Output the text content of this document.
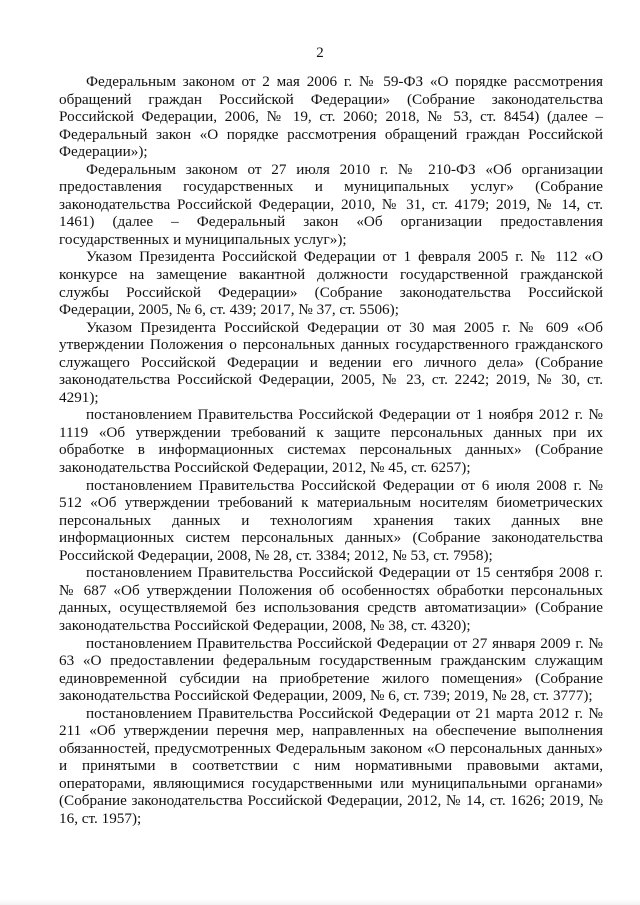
2

Федеральным законом от 2 мая 2006 г. № 59-ФЗ «О порядке рассмотрения обращений граждан Российской Федерации» (Собрание законодательства Российской Федерации, 2006, № 19, ст. 2060; 2018, № 53, ст. 8454) (далее – Федеральный закон «О порядке рассмотрения обращений граждан Российской Федерации»);

Федеральным законом от 27 июля 2010 г. № 210-ФЗ «Об организации предоставления государственных и муниципальных услуг» (Собрание законодательства Российской Федерации, 2010, № 31, ст. 4179; 2019, № 14, ст. 1461) (далее – Федеральный закон «Об организации предоставления государственных и муниципальных услуг»);

Указом Президента Российской Федерации от 1 февраля 2005 г. № 112 «О конкурсе на замещение вакантной должности государственной гражданской службы Российской Федерации» (Собрание законодательства Российской Федерации, 2005, № 6, ст. 439; 2017, № 37, ст. 5506);

Указом Президента Российской Федерации от 30 мая 2005 г. № 609 «Об утверждении Положения о персональных данных государственного гражданского служащего Российской Федерации и ведении его личного дела» (Собрание законодательства Российской Федерации, 2005, № 23, ст. 2242; 2019, № 30, ст. 4291);

постановлением Правительства Российской Федерации от 1 ноября 2012 г. № 1119 «Об утверждении требований к защите персональных данных при их обработке в информационных системах персональных данных» (Собрание законодательства Российской Федерации, 2012, № 45, ст. 6257);

постановлением Правительства Российской Федерации от 6 июля 2008 г. № 512 «Об утверждении требований к материальным носителям биометрических персональных данных и технологиям хранения таких данных вне информационных систем персональных данных» (Собрание законодательства Российской Федерации, 2008, № 28, ст. 3384; 2012, № 53, ст. 7958);

постановлением Правительства Российской Федерации от 15 сентября 2008 г. № 687 «Об утверждении Положения об особенностях обработки персональных данных, осуществляемой без использования средств автоматизации» (Собрание законодательства Российской Федерации, 2008, № 38, ст. 4320);

постановлением Правительства Российской Федерации от 27 января 2009 г. № 63 «О предоставлении федеральным государственным гражданским служащим единовременной субсидии на приобретение жилого помещения» (Собрание законодательства Российской Федерации, 2009, № 6, ст. 739; 2019, № 28, ст. 3777);

постановлением Правительства Российской Федерации от 21 марта 2012 г. № 211 «Об утверждении перечня мер, направленных на обеспечение выполнения обязанностей, предусмотренных Федеральным законом «О персональных данных» и принятыми в соответствии с ним нормативными правовыми актами, операторами, являющимися государственными или муниципальными органами» (Собрание законодательства Российской Федерации, 2012, № 14, ст. 1626; 2019, № 16, ст. 1957);
